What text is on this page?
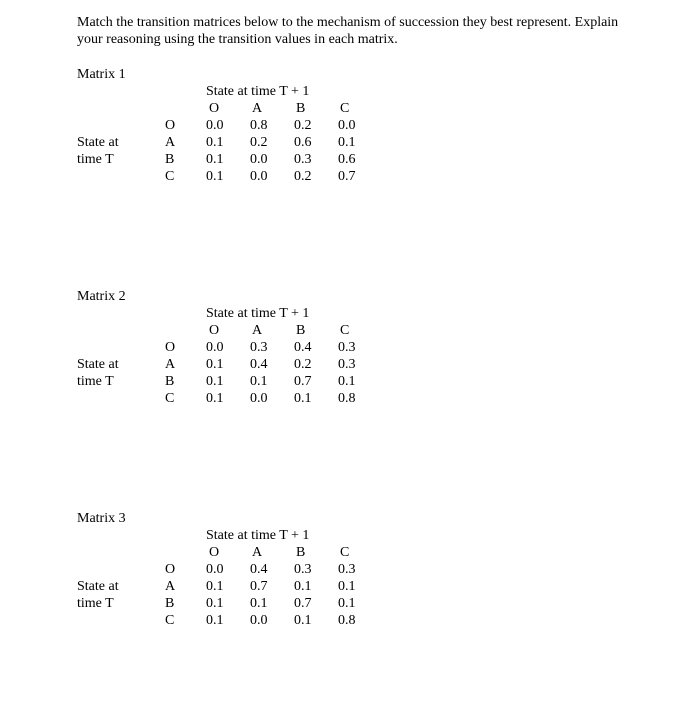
Match the transition matrices below to the mechanism of succession they best represent. Explain
your reasoning using the transition values in each matrix.
Matrix 1
State at time T + 1
O A B C
O 0.0 0.8 0.2 0.0
A 0.1 0.2 0.6 0.1
B 0.1 0.0 0.3 0.6
C 0.1 0.0 0.2 0.7
State at
time T
Matrix 2
State at time T + 1
O A B C
O 0.0 0.3 0.4 0.3
A 0.1 0.4 0.2 0.3
B 0.1 0.1 0.7 0.1
C 0.1 0.0 0.1 0.8
State at
time T
Matrix 3
State at time T + 1
O A B C
O 0.0 0.4 0.3 0.3
A 0.1 0.7 0.1 0.1
B 0.1 0.1 0.7 0.1
C 0.1 0.0 0.1 0.8
State at
time T
